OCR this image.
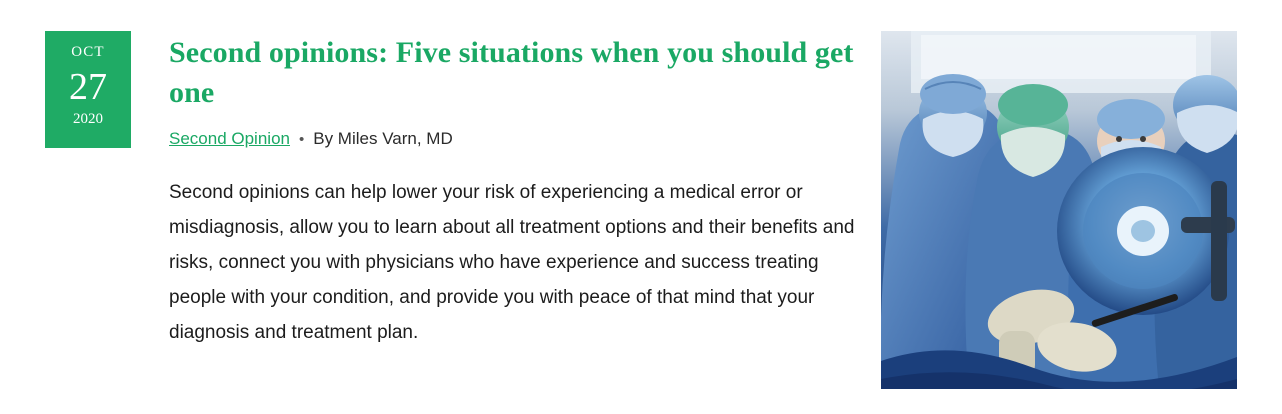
OCT
27
2020
Second opinions: Five situations when you should get one
Second Opinion • By Miles Varn, MD

Second opinions can help lower your risk of experiencing a medical error or misdiagnosis, allow you to learn about all treatment options and their benefits and risks, connect you with physicians who have experience and success treating people with your condition, and provide you with peace of that mind that your diagnosis and treatment plan.
